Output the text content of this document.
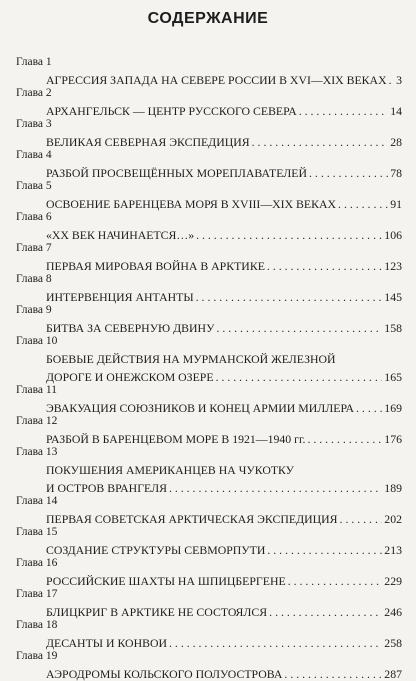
СОДЕРЖАНИЕ
Глава 1
АГРЕССИЯ ЗАПАДА НА СЕВЕРЕ РОССИИ В XVI—XIX ВЕКАХ . . . 3
Глава 2
АРХАНГЕЛЬСК — ЦЕНТР РУССКОГО СЕВЕРА . . .	14
Глава 3
ВЕЛИКАЯ СЕВЕРНАЯ ЭКСПЕДИЦИЯ . . .	28
Глава 4
РАЗБОЙ ПРОСВЕЩЁННЫХ МОРЕПЛАВАТЕЛЕЙ . . .	78
Глава 5
ОСВОЕНИЕ БАРЕНЦЕВА МОРЯ В XVIII—XIX ВЕКАХ . . .	91
Глава 6
«XX ВЕК НАЧИНАЕТСЯ…» . . .	106
Глава 7
ПЕРВАЯ МИРОВАЯ ВОЙНА В АРКТИКЕ . . .	123
Глава 8
ИНТЕРВЕНЦИЯ АНТАНТЫ . . .	145
Глава 9
БИТВА ЗА СЕВЕРНУЮ ДВИНУ . . .	158
Глава 10
БОЕВЫЕ ДЕЙСТВИЯ НА МУРМАНСКОЙ ЖЕЛЕЗНОЙ
ДОРОГЕ И ОНЕЖСКОМ ОЗЕРЕ . . .	165
Глава 11
ЭВАКУАЦИЯ СОЮЗНИКОВ И КОНЕЦ АРМИИ МИЛЛЕРА . . .	169
Глава 12
РАЗБОЙ В БАРЕНЦЕВОМ МОРЕ В 1921—1940 гг. . . .	176
Глава 13
ПОКУШЕНИЯ АМЕРИКАНЦЕВ НА ЧУКОТКУ
И ОСТРОВ ВРАНГЕЛЯ . . .	189
Глава 14
ПЕРВАЯ СОВЕТСКАЯ АРКТИЧЕСКАЯ ЭКСПЕДИЦИЯ . . .	202
Глава 15
СОЗДАНИЕ СТРУКТУРЫ СЕВМОРПУТИ . . .	213
Глава 16
РОССИЙСКИЕ ШАХТЫ НА ШПИЦБЕРГЕНЕ . . .	229
Глава 17
БЛИЦКРИГ В АРКТИКЕ НЕ СОСТОЯЛСЯ . . .	246
Глава 18
ДЕСАНТЫ И КОНВОИ . . .	258
Глава 19
АЭРОДРОМЫ КОЛЬСКОГО ПОЛУОСТРОВА . . .	287
